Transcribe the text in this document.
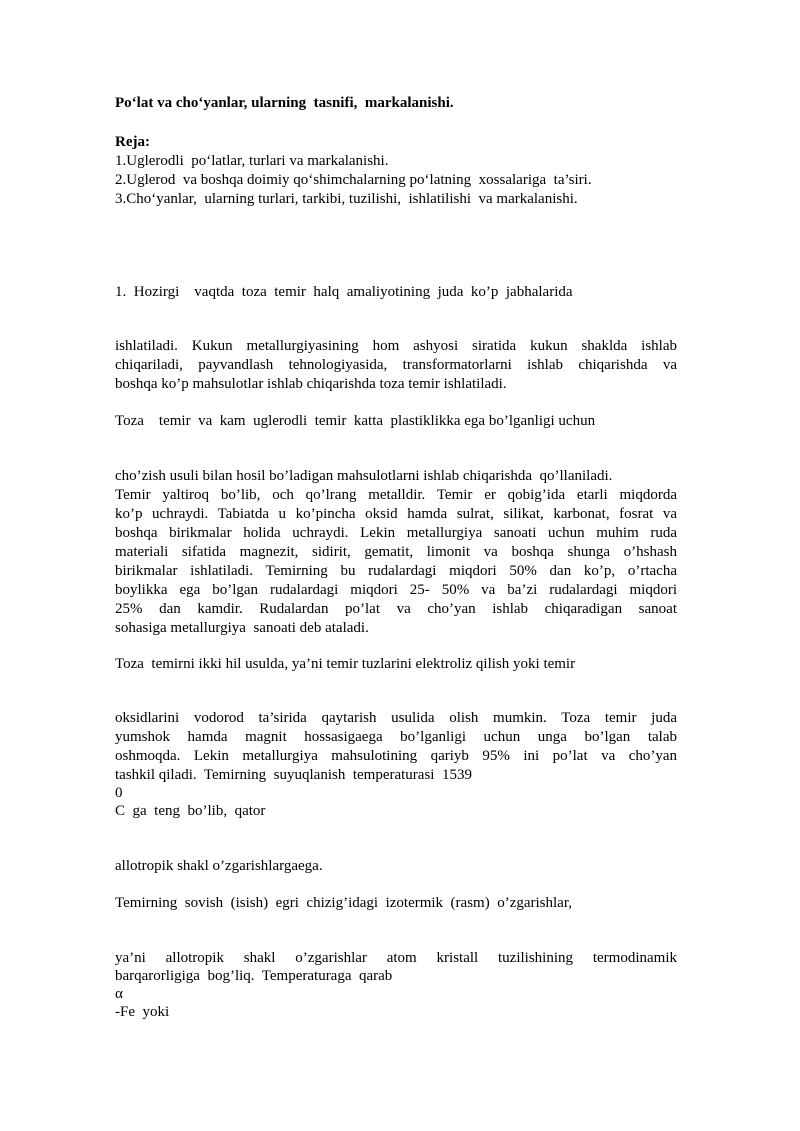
Po‘lat va cho‘yanlar, ularning  tasnifi,  markalanishi.
Reja:
1.Uglerodli  po‘latlar, turlari va markalanishi.
2.Uglerod  va boshqa doimiy qo‘shimchalarning po‘latning  xossalariga  ta’siri.
3.Cho‘yanlar,  ularning turlari, tarkibi, tuzilishi,  ishlatilishi  va markalanishi.
1.  Hozirgi    vaqtda  toza  temir  halq  amaliyotining  juda  ko’p  jabhalarida
ishlatiladi. Kukun metallurgiyasining hom ashyosi siratida kukun shaklda ishlab
chiqariladi, payvandlash tehnologiyasida, transformatorlarni ishlab chiqarishda va
boshqa ko’p mahsulotlar ishlab chiqarishda toza temir ishlatiladi.
Toza    temir  va  kam  uglerodli  temir  katta  plastiklikka ega bo’lganligi uchun
cho’zish usuli bilan hosil bo’ladigan mahsulotlarni ishlab chiqarishda  qo’llaniladi.
Temir yaltiroq bo’lib, och qo’lrang metalldir. Temir er qobig’ida etarli miqdorda
ko’p uchraydi. Tabiatda u ko’pincha oksid hamda sulrat, silikat, karbonat, fosrat va
boshqa birikmalar holida uchraydi. Lekin metallurgiya sanoati uchun muhim ruda
materiali sifatida magnezit, sidirit, gematit, limonit va boshqa shunga o’hshash
birikmalar ishlatiladi. Temirning bu rudalardagi miqdori 50% dan ko’p, o’rtacha
boylikka ega bo’lgan rudalardagi miqdori 25- 50% va ba’zi rudalardagi miqdori
25% dan kamdir. Rudalardan po’lat va cho’yan ishlab chiqaradigan sanoat
sohasiga metallurgiya  sanoati deb ataladi.
Toza  temirni ikki hil usulda, ya’ni temir tuzlarini elektroliz qilish yoki temir
oksidlarini vodorod ta’sirida qaytarish usulida olish mumkin. Toza temir juda
yumshok hamda magnit hossasigaega bo’lganligi uchun unga bo’lgan talab
oshmoqda. Lekin metallurgiya mahsulotining qariyb 95% ini po’lat va cho’yan
tashkil qiladi.  Temirning  suyuqlanish  temperaturasi  1539
0
C  ga  teng  bo’lib,  qator
allotropik shakl o’zgarishlargaega.
Temirning  sovish  (isish)  egri  chizig’idagi  izotermik  (rasm)  o’zgarishlar,
ya’ni allotropik shakl o’zgarishlar atom kristall tuzilishining termodinamik
barqarorligiga  bog’liq.  Temperaturaga  qarab
α
-Fe  yoki
